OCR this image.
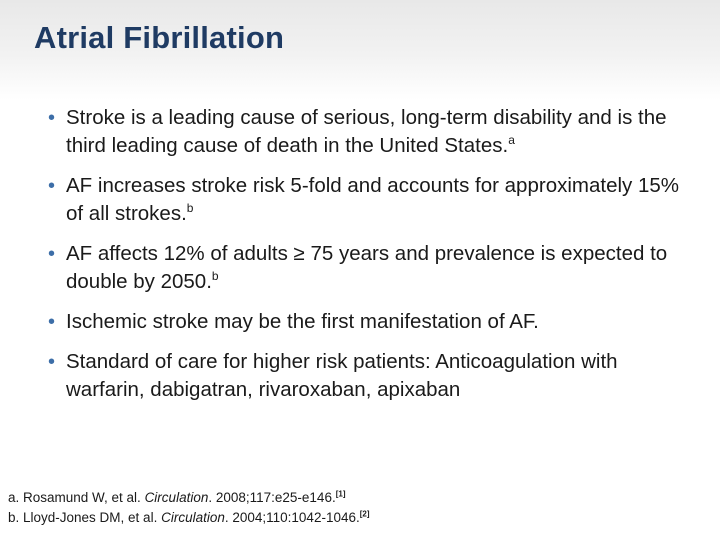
Atrial Fibrillation
• Stroke is a leading cause of serious, long-term disability and is the third leading cause of death in the United States.$^a$
• AF increases stroke risk 5-fold and accounts for approximately 15% of all strokes.$^b$
• AF affects 12% of adults ≥ 75 years and prevalence is expected to double by 2050.$^b$
• Ischemic stroke may be the first manifestation of AF.
• Standard of care for higher risk patients: Anticoagulation with warfarin, dabigatran, rivaroxaban, apixaban
a. Rosamund W, et al. Circulation. 2008;117:e25-e146.[1]
b. Lloyd-Jones DM, et al. Circulation. 2004;110:1042-1046.[2]
